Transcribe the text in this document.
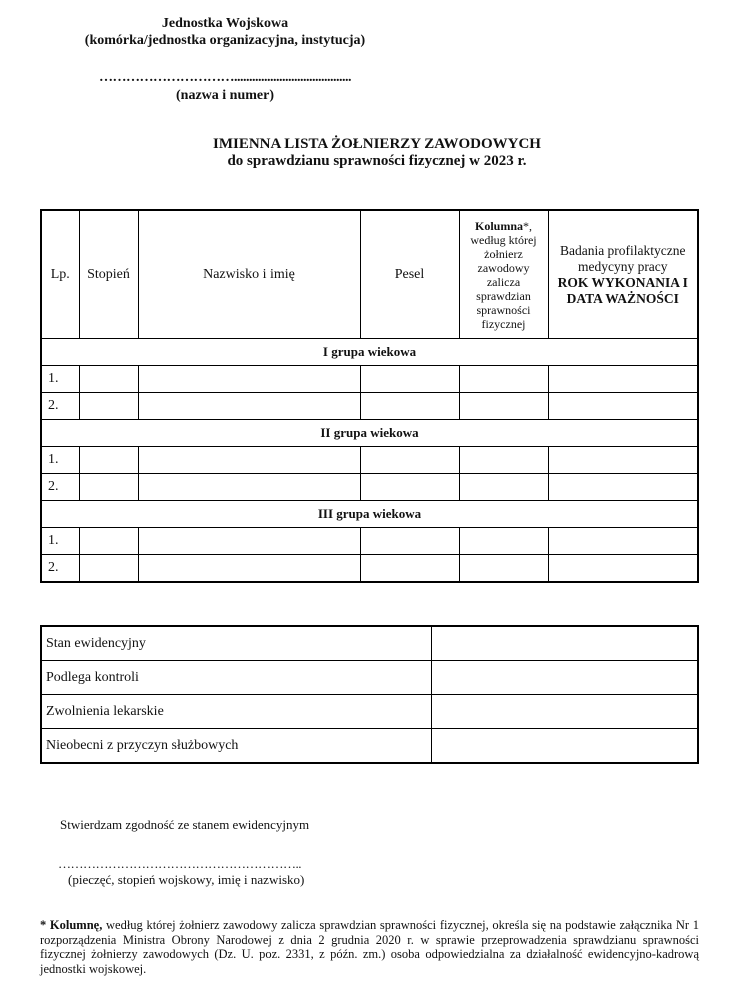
Jednostka Wojskowa
(komórka/jednostka organizacyjna, instytucja)
………………………….......................................
(nazwa i numer)
IMIENNA LISTA ŻOŁNIERZY ZAWODOWYCH
do sprawdzianu sprawności fizycznej w 2023 r.
Lp.	Stopień	Nazwisko i imię	Pesel	Kolumna*, według której żołnierz zawodowy zalicza sprawdzian sprawności fizycznej	Badania profilaktyczne medycyny pracy
ROK WYKONANIA I DATA WAŻNOŚCI
I grupa wiekowa					
1.					
2.					
II grupa wiekowa					
1.					
2.					
III grupa wiekowa					
1.					
2.					
Stan ewidencyjny	
Podlega kontroli	
Zwolnienia lekarskie	
Nieobecni z przyczyn służbowych	
Stwierdzam zgodność ze stanem ewidencyjnym
…………………………………………………..
(pieczęć, stopień wojskowy, imię i nazwisko)
* Kolumnę, według której żołnierz zawodowy zalicza sprawdzian sprawności fizycznej, określa się na podstawie załącznika Nr 1 rozporządzenia Ministra Obrony Narodowej z dnia 2 grudnia 2020 r. w sprawie przeprowadzenia sprawdzianu sprawności fizycznej żołnierzy zawodowych (Dz. U. poz. 2331, z późn. zm.) osoba odpowiedzialna za działalność ewidencyjno-kadrową jednostki wojskowej.
